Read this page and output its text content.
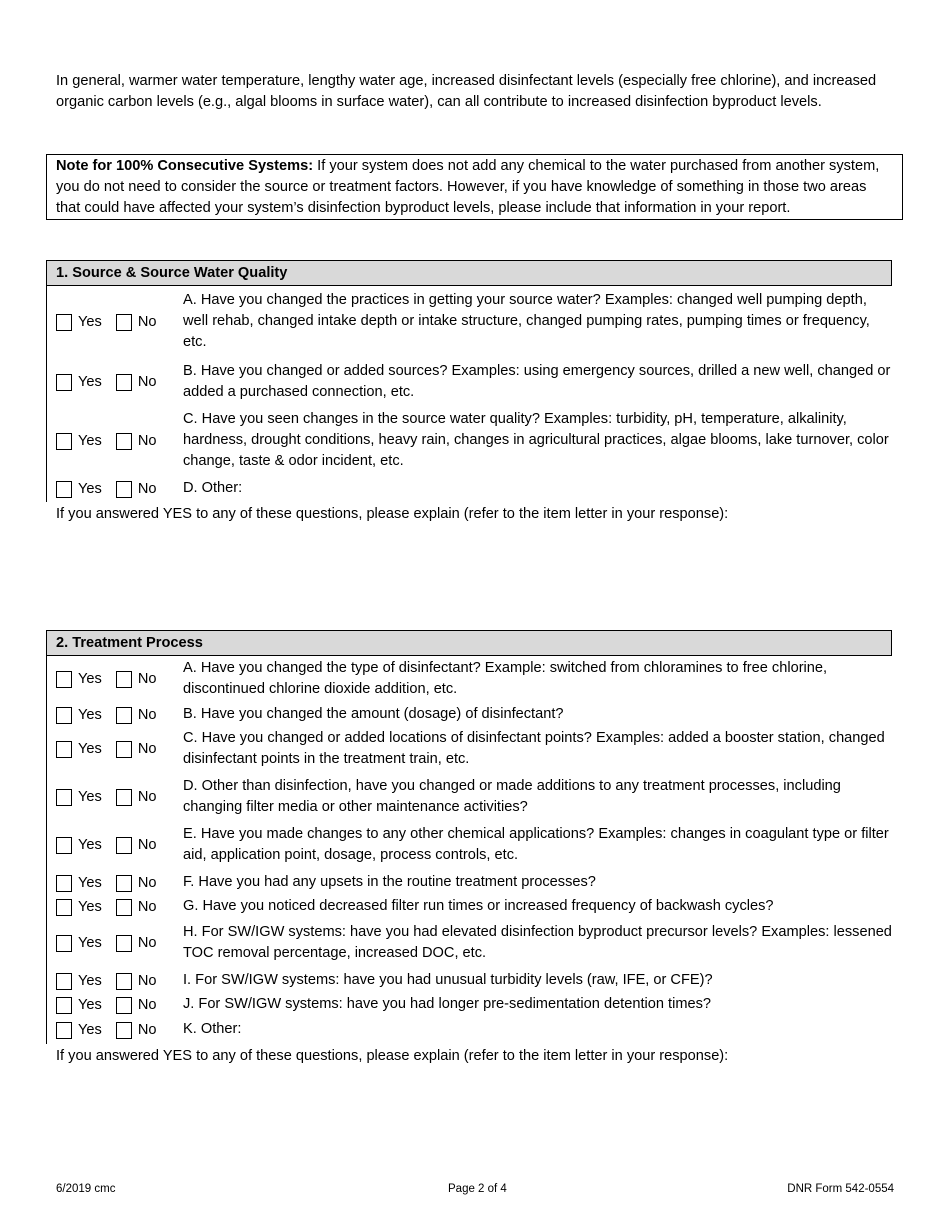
In general, warmer water temperature, lengthy water age, increased disinfectant levels (especially free chlorine), and increased organic carbon levels (e.g., algal blooms in surface water), can all contribute to increased disinfection byproduct levels.
Note for 100% Consecutive Systems: If your system does not add any chemical to the water purchased from another system, you do not need to consider the source or treatment factors. However, if you have knowledge of something in those two areas that could have affected your system’s disinfection byproduct levels, please include that information in your report.
1. Source & Source Water Quality
Yes No
A. Have you changed the practices in getting your source water? Examples: changed well pumping depth, well rehab, changed intake depth or intake structure, changed pumping rates, pumping times or frequency, etc.
Yes No
B. Have you changed or added sources? Examples: using emergency sources, drilled a new well, changed or added a purchased connection, etc.
Yes No
C. Have you seen changes in the source water quality? Examples: turbidity, pH, temperature, alkalinity, hardness, drought conditions, heavy rain, changes in agricultural practices, algae blooms, lake turnover, color change, taste & odor incident, etc.
Yes No D. Other:
If you answered YES to any of these questions, please explain (refer to the item letter in your response):
2. Treatment Process
Yes No
A. Have you changed the type of disinfectant? Example: switched from chloramines to free chlorine, discontinued chlorine dioxide addition, etc.
Yes No B. Have you changed the amount (dosage) of disinfectant?
Yes No
C. Have you changed or added locations of disinfectant points? Examples: added a booster station, changed disinfectant points in the treatment train, etc.
Yes No
D. Other than disinfection, have you changed or made additions to any treatment processes, including changing filter media or other maintenance activities?
Yes No
E. Have you made changes to any other chemical applications? Examples: changes in coagulant type or filter aid, application point, dosage, process controls, etc.
Yes No F. Have you had any upsets in the routine treatment processes?
Yes No G. Have you noticed decreased filter run times or increased frequency of backwash cycles?
Yes No
H. For SW/IGW systems: have you had elevated disinfection byproduct precursor levels? Examples: lessened TOC removal percentage, increased DOC, etc.
Yes No I. For SW/IGW systems: have you had unusual turbidity levels (raw, IFE, or CFE)?
Yes No J. For SW/IGW systems: have you had longer pre-sedimentation detention times?
Yes No K. Other:
If you answered YES to any of these questions, please explain (refer to the item letter in your response):
6/2019 cmc	Page 2 of 4	DNR Form 542-0554
